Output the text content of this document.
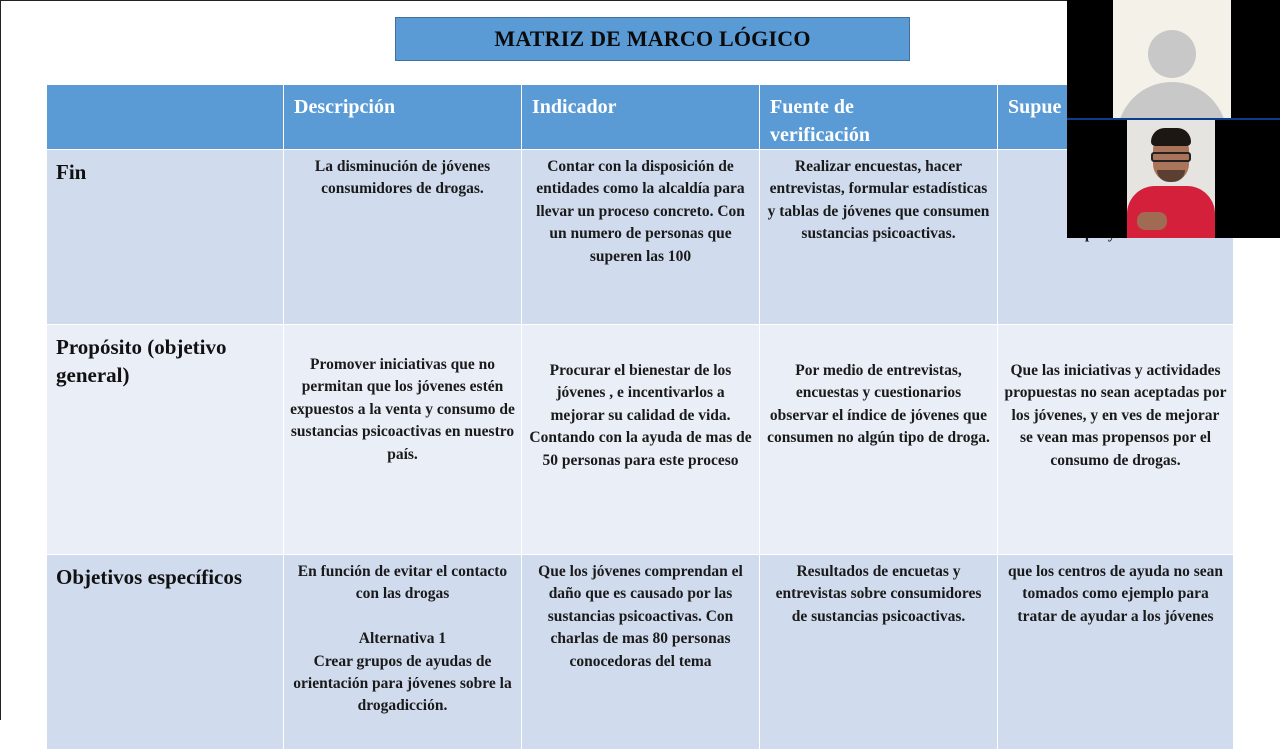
MATRIZ DE MARCO LÓGICO
	Descripción	Indicador	Fuente de
verificación	Supue
Fin	La disminución de jóvenes consumidores de drogas.	Contar con la disposición de entidades como la alcaldía para llevar un proceso concreto. Con un numero de personas que superen las 100	Realizar encuestas, hacer entrevistas, formular estadísticas y tablas de jóvenes que consumen sustancias psicoactivas.	
Propósito (objetivo general)	Promover iniciativas que no permitan que los jóvenes estén expuestos a la venta y consumo de sustancias psicoactivas en nuestro país.	Procurar el bienestar de los jóvenes , e incentivarlos a mejorar su calidad de vida. Contando con la ayuda de mas de 50 personas para este proceso	Por medio de entrevistas, encuestas y cuestionarios observar el índice de jóvenes que consumen no algún tipo de droga.	Que las iniciativas y actividades propuestas no sean aceptadas por los jóvenes, y en ves de mejorar se vean mas propensos por el consumo de drogas.
Objetivos específicos	En función de evitar el contacto con las drogas

Alternativa 1
Crear grupos de ayudas de orientación para jóvenes sobre la drogadicción.	Que los jóvenes comprendan el daño que es causado por las sustancias psicoactivas. Con charlas de mas 80 personas conocedoras del tema	Resultados de encuetas y entrevistas sobre consumidores de sustancias psicoactivas.	que los centros de ayuda no sean tomados como ejemplo para tratar de ayudar a los jóvenes
